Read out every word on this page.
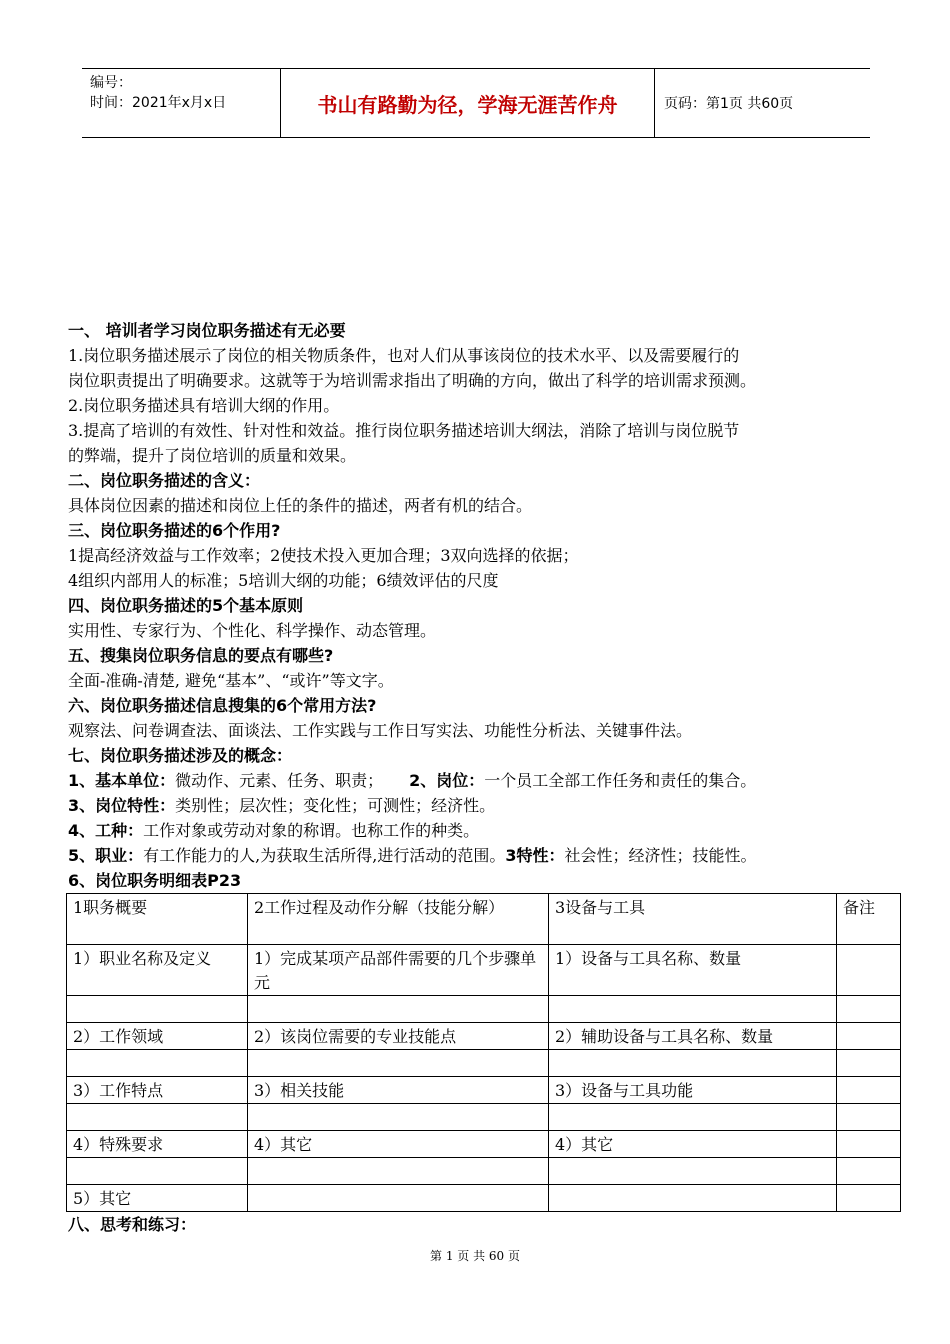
编号：
时间：2021年x月x日	书山有路勤为径，学海无涯苦作舟	页码：第1页 共60页
一、 培训者学习岗位职务描述有无必要
1.岗位职务描述展示了岗位的相关物质条件，也对人们从事该岗位的技术水平、以及需要履行的
岗位职责提出了明确要求。这就等于为培训需求指出了明确的方向，做出了科学的培训需求预测。
2.岗位职务描述具有培训大纲的作用。
3.提高了培训的有效性、针对性和效益。推行岗位职务描述培训大纲法，消除了培训与岗位脱节
的弊端，提升了岗位培训的质量和效果。
二、岗位职务描述的含义：
具体岗位因素的描述和岗位上任的条件的描述，两者有机的结合。
三、岗位职务描述的6个作用?
1提高经济效益与工作效率；2使技术投入更加合理；3双向选择的依据；
4组织内部用人的标准；5培训大纲的功能；6绩效评估的尺度
四、岗位职务描述的5个基本原则
实用性、专家行为、个性化、科学操作、动态管理。
五、搜集岗位职务信息的要点有哪些?
全面-准确-清楚, 避免“基本”、“或许”等文字。
六、岗位职务描述信息搜集的6个常用方法?
观察法、问卷调查法、面谈法、工作实践与工作日写实法、功能性分析法、关键事件法。
七、岗位职务描述涉及的概念：
1、基本单位：微动作、元素、任务、职责； 2、岗位：一个员工全部工作任务和责任的集合。
3、岗位特性：类别性；层次性；变化性；可测性；经济性。
4、工种：工作对象或劳动对象的称谓。也称工作的种类。
5、职业：有工作能力的人,为获取生活所得,进行活动的范围。3特性：社会性；经济性；技能性。
6、岗位职务明细表P23
1职务概要	2工作过程及动作分解（技能分解）	3设备与工具	备注
1）职业名称及定义	1）完成某项产品部件需要的几个步骤单元	1）设备与工具名称、数量	

2）工作领域	2）该岗位需要的专业技能点	2）辅助设备与工具名称、数量	

3）工作特点	3）相关技能	3）设备与工具功能	

4）特殊要求	4）其它	4）其它	

5）其它			
八、思考和练习：
第 1 页 共 60 页
